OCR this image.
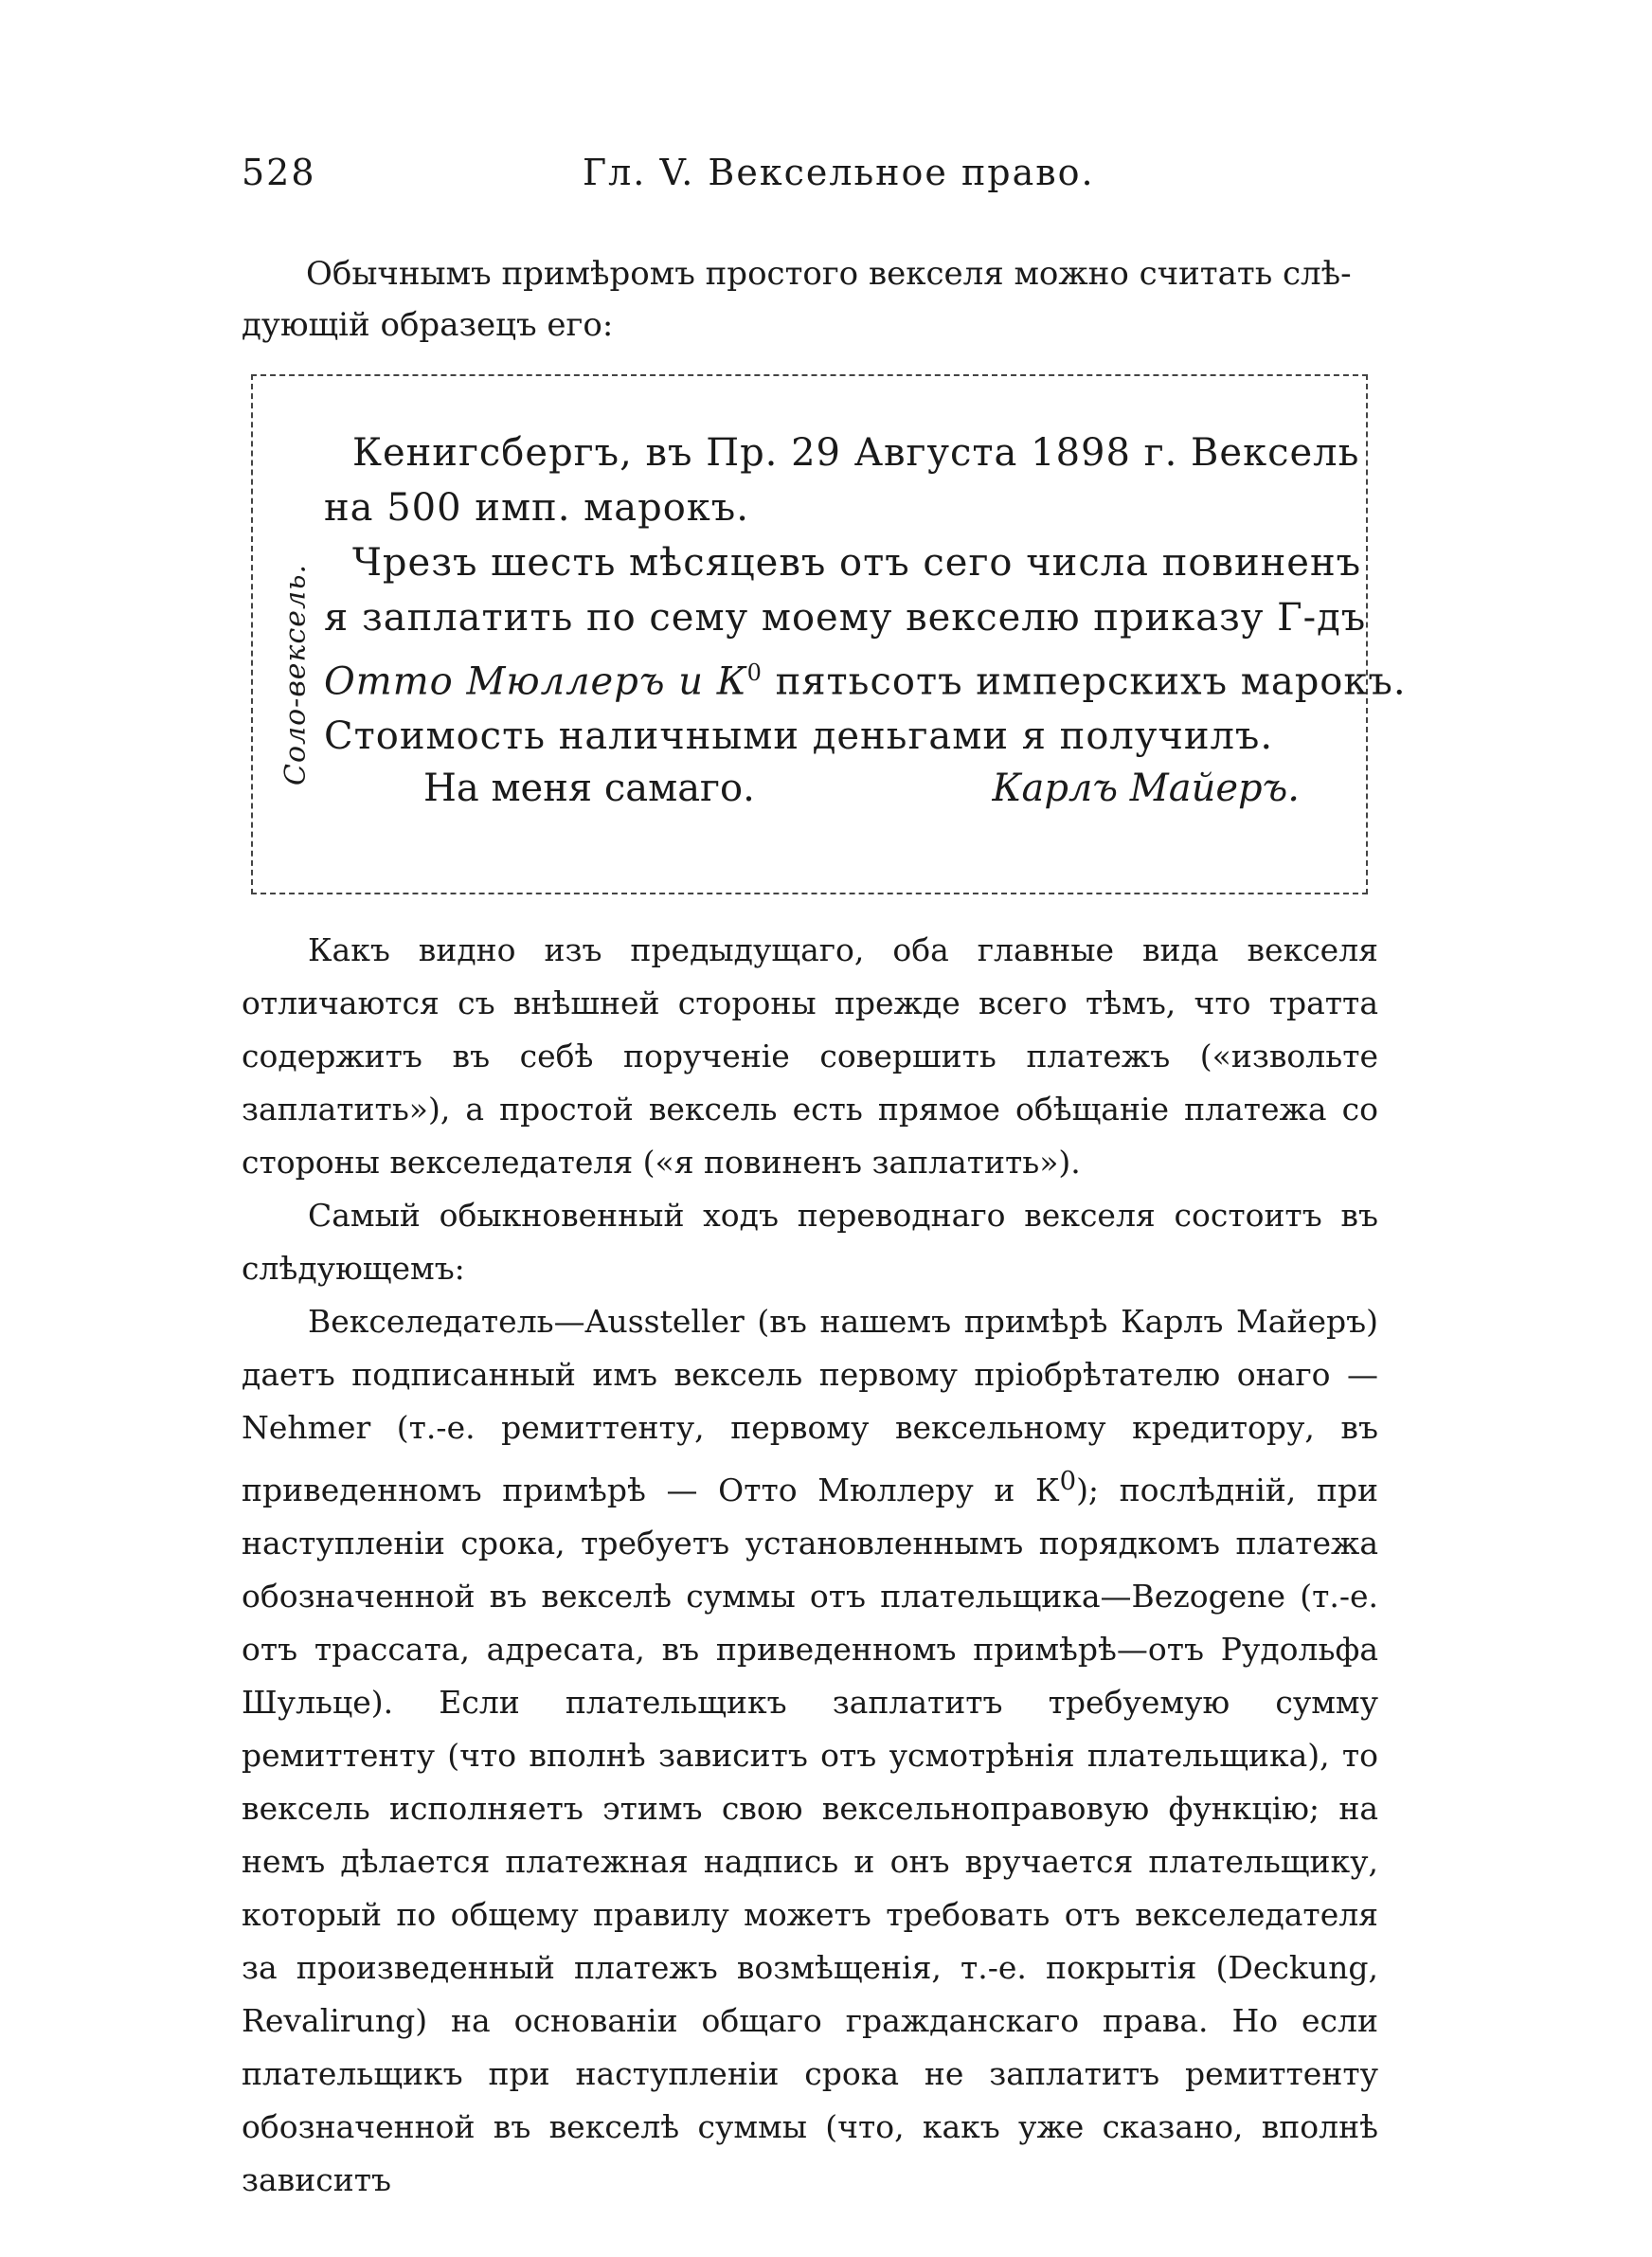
528	Гл. V. Вексельное право.
Обычнымъ примѣромъ простого векселя можно считать слѣ-
дующій образецъ его:
Соло-вексель.
Кенигсбергъ, въ Пр. 29 Августа 1898 г. Вексель
на 500 имп. марокъ.
Чрезъ шесть мѣсяцевъ отъ сего числа повиненъ
я заплатить по сему моему векселю приказу Г-дъ
Отто Мюллеръ и $К^0$ пятьсотъ имперскихъ марокъ.
Стоимость наличными деньгами я получилъ.
На меня самаго.	Карлъ Майеръ.

Какъ видно изъ предыдущаго, оба главные вида векселя отличаются съ внѣшней стороны прежде всего тѣмъ, что тратта содержитъ въ себѣ порученіе совершить платежъ («извольте заплатить»), а простой вексель есть прямое обѣщаніе платежа со стороны векселедателя («я повиненъ заплатить»).

Самый обыкновенный ходъ переводнаго векселя состоитъ въ слѣдующемъ:

Векселедатель—Aussteller (въ нашемъ примѣрѣ Карлъ Майеръ) даетъ подписанный имъ вексель первому пріобрѣтателю онаго — Nehmer (т.-е. ремиттенту, первому вексельному кредитору, въ приведенномъ примѣрѣ — Отто Мюллеру и $К^0$); послѣдній, при наступленіи срока, требуетъ установленнымъ порядкомъ платежа обозначенной въ векселѣ суммы отъ плательщика—Bezogene (т.-е. отъ трассата, адресата, въ приведенномъ примѣрѣ—отъ Рудольфа Шульце). Если плательщикъ заплатитъ требуемую сумму ремиттенту (что вполнѣ зависитъ отъ усмотрѣнія плательщика), то вексель исполняетъ этимъ свою вексельноправовую функцію; на немъ дѣлается платежная надпись и онъ вручается плательщику, который по общему правилу можетъ требовать отъ векселедателя за произведенный платежъ возмѣщенія, т.-е. покрытія (Deckung, Revalirung) на основаніи общаго гражданскаго права. Но если плательщикъ при наступленіи срока не заплатитъ ремиттенту обозначенной въ векселѣ суммы (что, какъ уже сказано, вполнѣ зависитъ
